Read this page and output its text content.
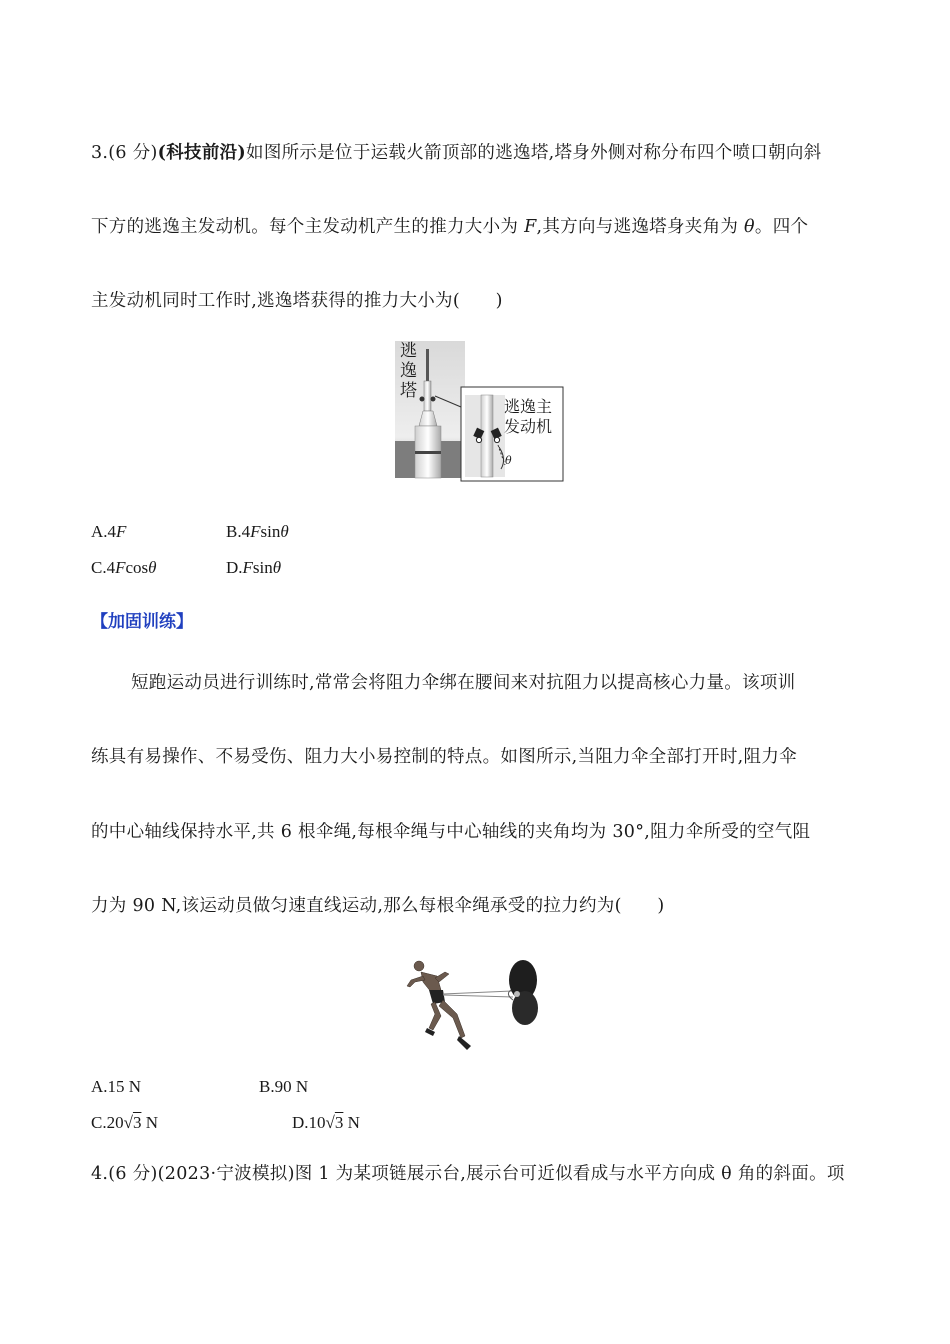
3.(6 分)(科技前沿)如图所示是位于运载火箭顶部的逃逸塔,塔身外侧对称分布四个喷口朝向斜
下方的逃逸主发动机。每个主发动机产生的推力大小为 F,其方向与逃逸塔身夹角为 θ。四个
主发动机同时工作时,逃逸塔获得的推力大小为(　　)
逃
逸
塔
逃逸主
发动机
θ
A.4F	B.4Fsinθ
C.4Fcosθ	D.Fsinθ
【加固训练】
短跑运动员进行训练时,常常会将阻力伞绑在腰间来对抗阻力以提高核心力量。该项训
练具有易操作、不易受伤、阻力大小易控制的特点。如图所示,当阻力伞全部打开时,阻力伞
的中心轴线保持水平,共 6 根伞绳,每根伞绳与中心轴线的夹角均为 30°,阻力伞所受的空气阻
力为 90 N,该运动员做匀速直线运动,那么每根伞绳承受的拉力约为(　　)
A.15 N	B.90 N
C.20√3 N	D.10√3 N
4.(6 分)(2023·宁波模拟)图 1 为某项链展示台,展示台可近似看成与水平方向成 θ 角的斜面。项
